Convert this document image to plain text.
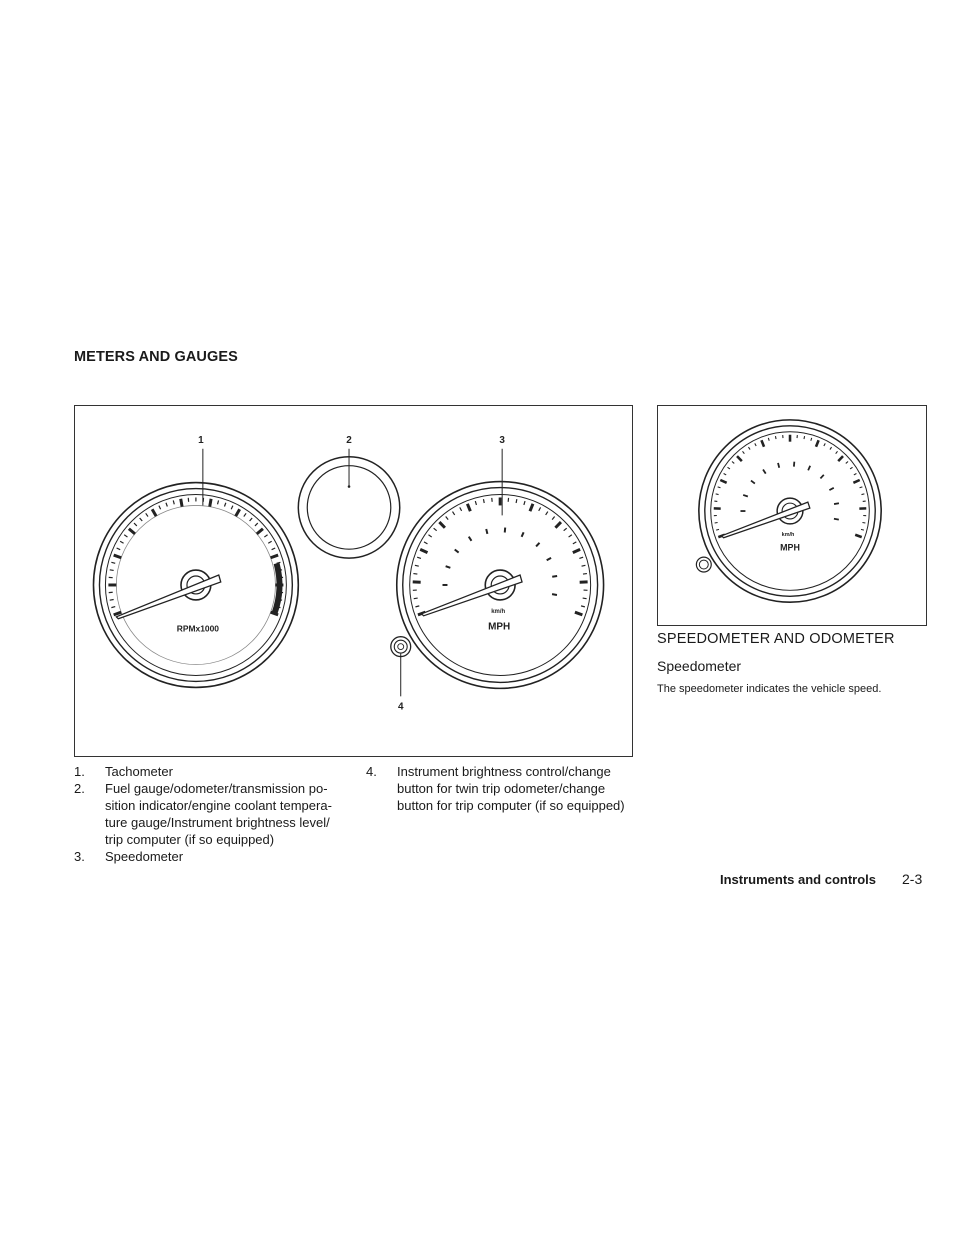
METERS AND GAUGES
RPMx1000
km/h
MPH
1	2	3
4
1. Tachometer
2. Fuel gauge/odometer/transmission position indicator/engine coolant temperature gauge/Instrument brightness level/ trip computer (if so equipped)
3. Speedometer
4. Instrument brightness control/change button for twin trip odometer/change button for trip computer (if so equipped)
km/h
MPH
SPEEDOMETER AND ODOMETER
Speedometer
The speedometer indicates the vehicle speed.
Instruments and controls 2-3
